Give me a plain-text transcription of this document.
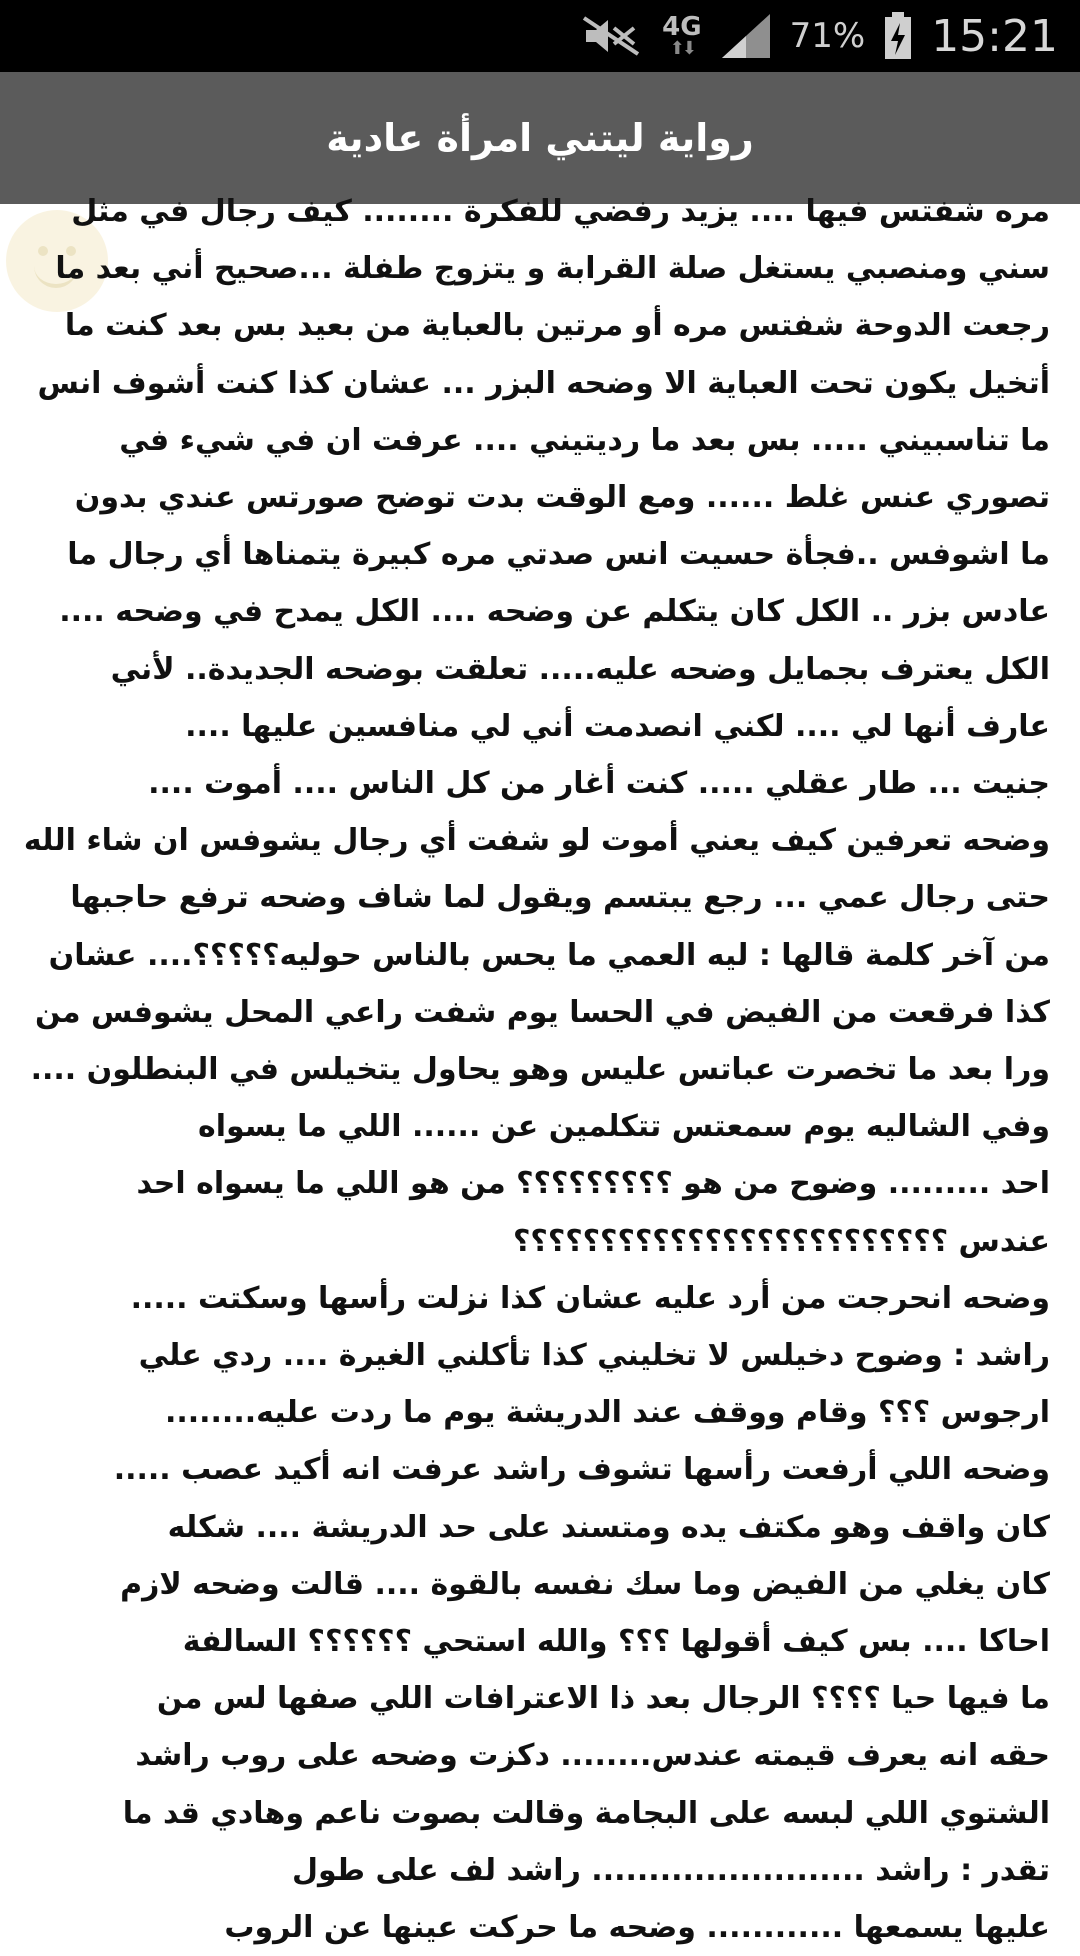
4G
⬆⬇	71% 15:21
رواية ليتني امرأة عادية
مره شفتس فيها .... يزيد رفضي للفكرة ........ كيف رجال في مثل
سني ومنصبي يستغل صلة القرابة و يتزوج طفلة ...صحيح أني بعد ما
رجعت الدوحة شفتس مره أو مرتين بالعباية من بعيد بس بعد كنت ما
أتخيل يكون تحت العباية الا وضحه البزر ... عشان كذا كنت أشوف انس
ما تناسبيني ..... بس بعد ما رديتيني .... عرفت ان في شيء في
تصوري عنس غلط ...... ومع الوقت بدت توضح صورتس عندي بدون
ما اشوفس ..فجأة حسيت انس صدتي مره كبيرة يتمناها أي رجال ما
عادس بزر .. الكل كان يتكلم عن وضحه .... الكل يمدح في وضحه ....
الكل يعترف بجمايل وضحه عليه..... تعلقت بوضحه الجديدة.. لأني
عارف أنها لي .... لكني انصدمت أني لي منافسين عليها ....
جنيت ... طار عقلي ..... كنت أغار من كل الناس .... أموت ....
وضحه تعرفين كيف يعني أموت لو شفت أي رجال يشوفس ان شاء الله
حتى رجال عمي ... رجع يبتسم ويقول لما شاف وضحه ترفع حاجبها
من آخر كلمة قالها : ليه العمي ما يحس بالناس حوليه؟؟؟؟؟.... عشان
كذا فرقعت من الفيض في الحسا يوم شفت راعي المحل يشوفس من
ورا بعد ما تخصرت عباتس عليس وهو يحاول يتخيلس في البنطلون ....
وفي الشاليه يوم سمعتس تتكلمين عن ...... اللي ما يسواه
احد ......... وضوح من هو ؟؟؟؟؟؟؟؟؟ من هو اللي ما يسواه احد
عندس ؟؟؟؟؟؟؟؟؟؟؟؟؟؟؟؟؟؟؟؟؟؟؟؟؟
وضحه انحرجت من أرد عليه عشان كذا نزلت رأسها وسكتت .....
راشد : وضوح دخيلس لا تخليني كذا تأكلني الغيرة .... ردي علي
ارجوس ؟؟؟ وقام ووقف عند الدريشة يوم ما ردت عليه........
وضحه اللي أرفعت رأسها تشوف راشد عرفت انه أكيد عصب .....
كان واقف وهو مكتف يده ومتسند على حد الدريشة .... شكله
كان يغلي من الفيض وما سك نفسه بالقوة .... قالت وضحه لازم
احاكا .... بس كيف أقولها ؟؟؟ والله استحي ؟؟؟؟؟؟ السالفة
ما فيها حيا ؟؟؟؟ الرجال بعد ذا الاعترافات اللي صفها لس من
حقه انه يعرف قيمته عندس........ دكزت وضحه على روب راشد
الشتوي اللي لبسه على البجامة وقالت بصوت ناعم وهادي قد ما
تقدر : راشد ........................ راشد لف على طول
عليها يسمعها ............ وضحه ما حركت عينها عن الروب
